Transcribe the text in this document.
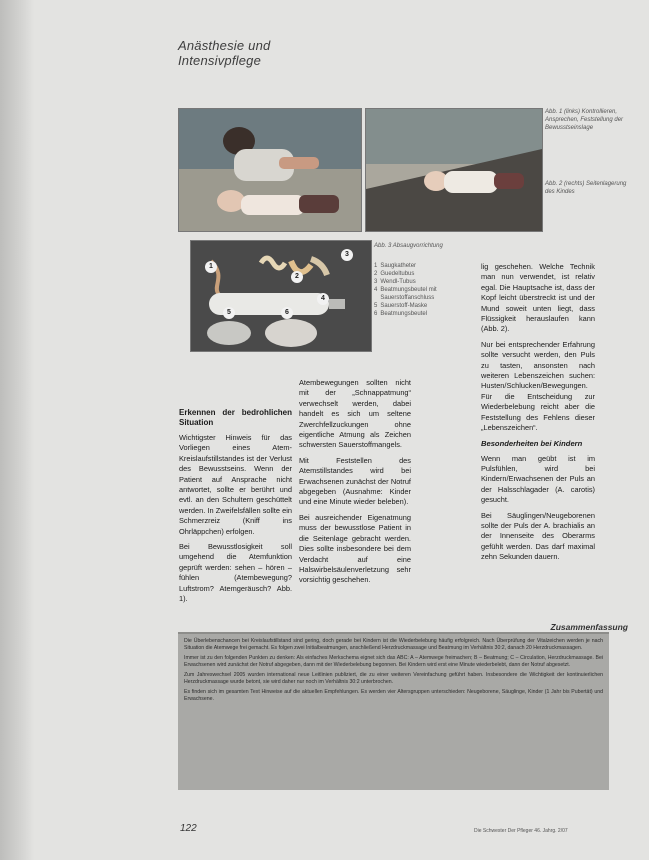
Anästhesie und
Intensivpflege
Abb. 1 (links) Kontrollieren, Ansprechen, Feststellung der Bewusstseinslage
Abb. 2 (rechts) Seitenlagerung des Kindes
1
2
3
4
5	6
Abb. 3 Absaugvorrichtung
1 Saugkatheter
2 Guedeltubus
3 Wendl-Tubus
4 Beatmungsbeutel mit Sauerstoffanschluss
5 Sauerstoff-Maske
6 Beatmungsbeutel

Erkennen der bedrohlichen Situation

Wichtigster Hinweis für das Vorliegen eines Atem-Kreislaufstillstandes ist der Verlust des Bewusstseins. Wenn der Patient auf Ansprache nicht antwortet, sollte er berührt und evtl. an den Schultern geschüttelt werden. In Zweifelsfällen sollte ein Schmerzreiz (Kniff ins Ohrläppchen) erfolgen.

Bei Bewusstlosigkeit soll umgehend die Atemfunktion geprüft werden: sehen – hören – fühlen (Atembewegung? Luftstrom? Atemgeräusch? Abb. 1).

Atembewegungen sollten nicht mit der „Schnappatmung“ verwechselt werden, dabei handelt es sich um seltene Zwerchfellzuckungen ohne eigentliche Atmung als Zeichen schwersten Sauerstoffmangels.

Mit Feststellen des Atemstillstandes wird bei Erwachsenen zunächst der Notruf abgegeben (Ausnahme: Kinder und eine Minute wieder beleben).

Bei ausreichender Eigenatmung muss der bewusstlose Patient in die Seitenlage gebracht werden. Dies sollte insbesondere bei dem Verdacht auf eine Halswirbelsäulenverletzung sehr vorsichtig geschehen.

lig geschehen. Welche Technik man nun verwendet, ist relativ egal. Die Hauptsache ist, dass der Kopf leicht überstreckt ist und der Mund soweit unten liegt, dass Flüssigkeit herauslaufen kann (Abb. 2).

Nur bei entsprechender Erfahrung sollte versucht werden, den Puls zu tasten, ansonsten nach weiteren Lebenszeichen suchen: Husten/Schlucken/Bewegungen. Für die Entscheidung zur Wiederbelebung reicht aber die Feststellung des Fehlens dieser „Lebenszeichen“.

Besonderheiten bei Kindern

Wenn man geübt ist im Pulsfühlen, wird bei Kindern/Erwachsenen der Puls an der Halsschlagader (A. carotis) gesucht.

Bei Säuglingen/Neugeborenen sollte der Puls der A. brachialis an der Innenseite des Oberarms gefühlt werden. Das darf maximal zehn Sekunden dauern.

Zusammenfassung

Die Überlebenschancen bei Kreislaufstillstand sind gering, doch gerade bei Kindern ist die Wiederbelebung häufig erfolgreich. Nach Überprüfung der Vitalzeichen werden je nach Situation die Atemwege frei gemacht. Es folgen zwei Initialbeatmungen, anschließend Herzdruckmassage und Beatmung im Verhältnis 30:2, danach 20 Herzdruckmassagen.

Immer ist zu den folgenden Punkten zu denken: Als einfaches Merkschema eignet sich das ABC: A – Atemwege freimachen; B – Beatmung; C – Circulation, Herzdruckmassage. Bei Erwachsenen wird zunächst der Notruf abgegeben, dann mit der Wiederbelebung begonnen. Bei Kindern wird erst eine Minute wiederbelebt, dann der Notruf abgesetzt.

Zum Jahreswechsel 2005 wurden international neue Leitlinien publiziert, die zu einer weiteren Vereinfachung geführt haben. Insbesondere die Wichtigkeit der kontinuierlichen Herzdruckmassage wurde betont, sie wird daher nur noch im Verhältnis 30:2 unterbrochen.

Es finden sich im gesamten Text Hinweise auf die aktuellen Empfehlungen. Es werden vier Altersgruppen unterschieden: Neugeborene, Säuglinge, Kinder (1 Jahr bis Pubertät) und Erwachsene.

122	Die Schwester Der Pfleger 46. Jahrg. 2/07
